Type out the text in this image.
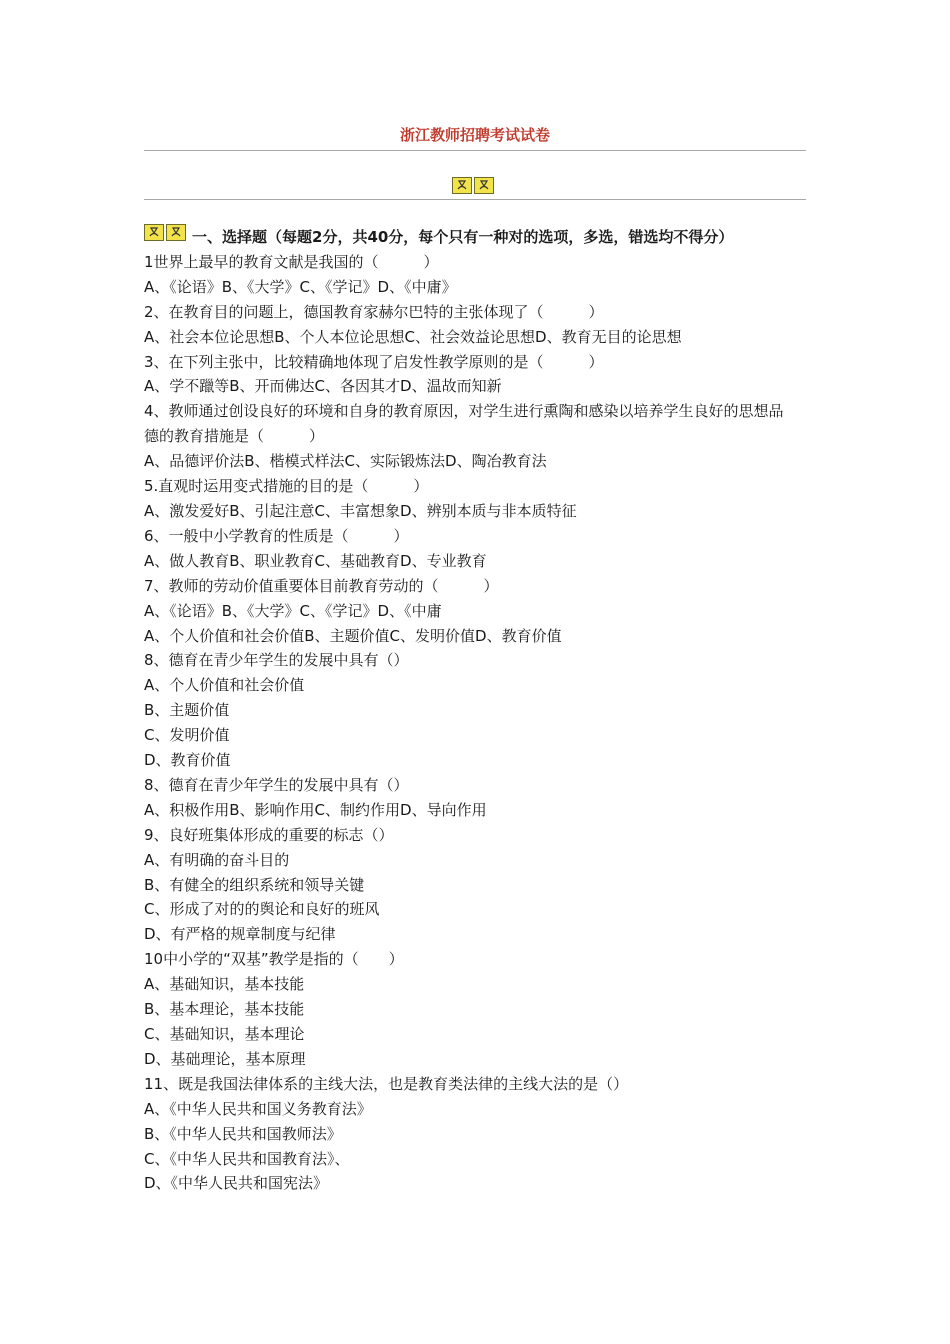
浙江教师招聘考试试卷

一、选择题（每题2分，共40分，每个只有一种对的选项，多选，错选均不得分）

1世界上最早的教育文献是我国的（　　　）

A、《论语》B、《大学》C、《学记》D、《中庸》

2、在教育目的问题上，德国教育家赫尔巴特的主张体现了（　　　）

A、社会本位论思想B、个人本位论思想C、社会效益论思想D、教育无目的论思想

3、在下列主张中，比较精确地体现了启发性教学原则的是（　　　）

A、学不躐等B、开而佛达C、各因其才D、温故而知新

4、教师通过创设良好的环境和自身的教育原因，对学生进行熏陶和感染以培养学生良好的思想品德的教育措施是（　　　）

A、品德评价法B、楷模式样法C、实际锻炼法D、陶冶教育法

5.直观时运用变式措施的目的是（　　　）

A、激发爱好B、引起注意C、丰富想象D、辨别本质与非本质特征

6、一般中小学教育的性质是（　　　）

A、做人教育B、职业教育C、基础教育D、专业教育

7、教师的劳动价值重要体目前教育劳动的（　　　）

A、《论语》B、《大学》C、《学记》D、《中庸

A、个人价值和社会价值B、主题价值C、发明价值D、教育价值

8、德育在青少年学生的发展中具有（）

A、个人价值和社会价值

B、主题价值

C、发明价值

D、教育价值

8、德育在青少年学生的发展中具有（）

A、积极作用B、影响作用C、制约作用D、导向作用

9、良好班集体形成的重要的标志（）

A、有明确的奋斗目的

B、有健全的组织系统和领导关键

C、形成了对的的舆论和良好的班风

D、有严格的规章制度与纪律

10中小学的“双基”教学是指的（　　）

A、基础知识，基本技能

B、基本理论，基本技能

C、基础知识，基本理论

D、基础理论，基本原理

11、既是我国法律体系的主线大法，也是教育类法律的主线大法的是（）

A、《中华人民共和国义务教育法》

B、《中华人民共和国教师法》

C、《中华人民共和国教育法》、

D、《中华人民共和国宪法》
